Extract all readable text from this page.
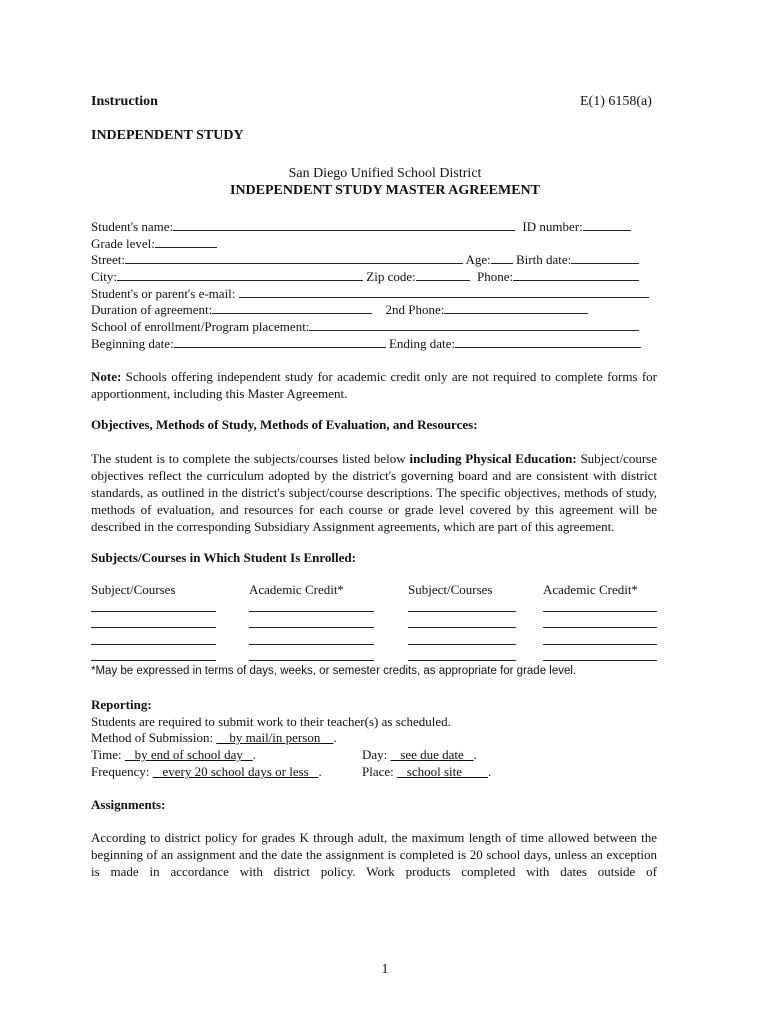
Instruction	E(1) 6158(a)
INDEPENDENT STUDY
San Diego Unified School District
INDEPENDENT STUDY MASTER AGREEMENT
Student's name:	ID number:
Grade level:
Street:	Age: Birth date:
City:	Zip code:	Phone:
Student's or parent's e-mail:
Duration of agreement:	2nd Phone:
School of enrollment/Program placement:
Beginning date:	Ending date:
Note: Schools offering independent study for academic credit only are not required to complete forms for apportionment, including this Master Agreement.
Objectives, Methods of Study, Methods of Evaluation, and Resources:
The student is to complete the subjects/courses listed below including Physical Education: Subject/course objectives reflect the curriculum adopted by the district's governing board and are consistent with district standards, as outlined in the district's subject/course descriptions. The specific objectives, methods of study, methods of evaluation, and resources for each course or grade level covered by this agreement will be described in the corresponding Subsidiary Assignment agreements, which are part of this agreement.
Subjects/Courses in Which Student Is Enrolled:
Subject/Courses	Academic Credit*	Subject/Courses	Academic Credit*
*May be expressed in terms of days, weeks, or semester credits, as appropriate for grade level.
Reporting:
Students are required to submit work to their teacher(s) as scheduled.
Method of Submission: by mail/in person .
Time: by end of school day .	Day: see due date .
Frequency: every 20 school days or less .	Place: school site .
Assignments:
According to district policy for grades K through adult, the maximum length of time allowed between the beginning of an assignment and the date the assignment is completed is 20 school days, unless an exception is made in accordance with district policy. Work products completed with dates outside of
1
